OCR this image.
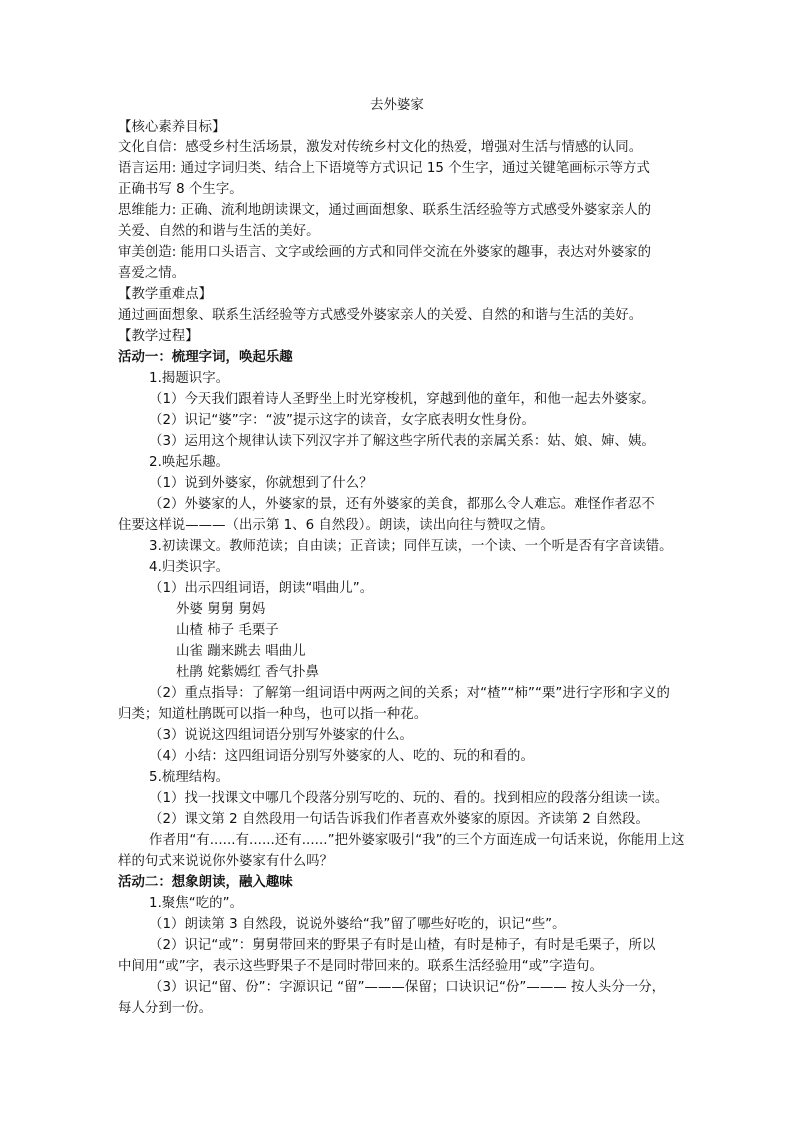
去外婆家
【核心素养目标】
文化自信：感受乡村生活场景，激发对传统乡村文化的热爱，增强对生活与情感的认同。
语言运用: 通过字词归类、结合上下语境等方式识记 15 个生字，通过关键笔画标示等方式
正确书写 8 个生字。
思维能力: 正确、流利地朗读课文，通过画面想象、联系生活经验等方式感受外婆家亲人的
关爱、自然的和谐与生活的美好。
审美创造: 能用口头语言、文字或绘画的方式和同伴交流在外婆家的趣事，表达对外婆家的
喜爱之情。
【教学重难点】
通过画面想象、联系生活经验等方式感受外婆家亲人的关爱、自然的和谐与生活的美好。
【教学过程】
活动一：梳理字词，唤起乐趣
1.揭题识字。
（1）今天我们跟着诗人圣野坐上时光穿梭机，穿越到他的童年，和他一起去外婆家。
（2）识记“婆”字：“波”提示这字的读音，女字底表明女性身份。
（3）运用这个规律认读下列汉字并了解这些字所代表的亲属关系：姑、娘、婶、姨。
2.唤起乐趣。
（1）说到外婆家，你就想到了什么？
（2）外婆家的人，外婆家的景，还有外婆家的美食，都那么令人难忘。难怪作者忍不
住要这样说———（出示第 1、6 自然段）。朗读，读出向往与赞叹之情。
3.初读课文。教师范读；自由读；正音读；同伴互读，一个读、一个听是否有字音读错。
4.归类识字。
（1）出示四组词语，朗读“唱曲儿”。
外婆 舅舅 舅妈
山楂 柿子 毛栗子
山雀 蹦来跳去 唱曲儿
杜鹃 姹紫嫣红 香气扑鼻
（2）重点指导：了解第一组词语中两两之间的关系；对“楂”“柿”“栗”进行字形和字义的
归类；知道杜鹃既可以指一种鸟，也可以指一种花。
（3）说说这四组词语分别写外婆家的什么。
（4）小结：这四组词语分别写外婆家的人、吃的、玩的和看的。
5.梳理结构。
（1）找一找课文中哪几个段落分别写吃的、玩的、看的。找到相应的段落分组读一读。
（2）课文第 2 自然段用一句话告诉我们作者喜欢外婆家的原因。齐读第 2 自然段。
作者用“有......有......还有......”把外婆家吸引“我”的三个方面连成一句话来说，你能用上这
样的句式来说说你外婆家有什么吗？
活动二：想象朗读，融入趣味
1.聚焦“吃的”。
（1）朗读第 3 自然段，说说外婆给“我”留了哪些好吃的，识记“些”。
（2）识记“或”：舅舅带回来的野果子有时是山楂，有时是柿子，有时是毛栗子，所以
中间用“或”字，表示这些野果子不是同时带回来的。联系生活经验用“或”字造句。
（3）识记“留、份”：字源识记 “留”———保留；口诀识记“份”——— 按人头分一分，
每人分到一份。
